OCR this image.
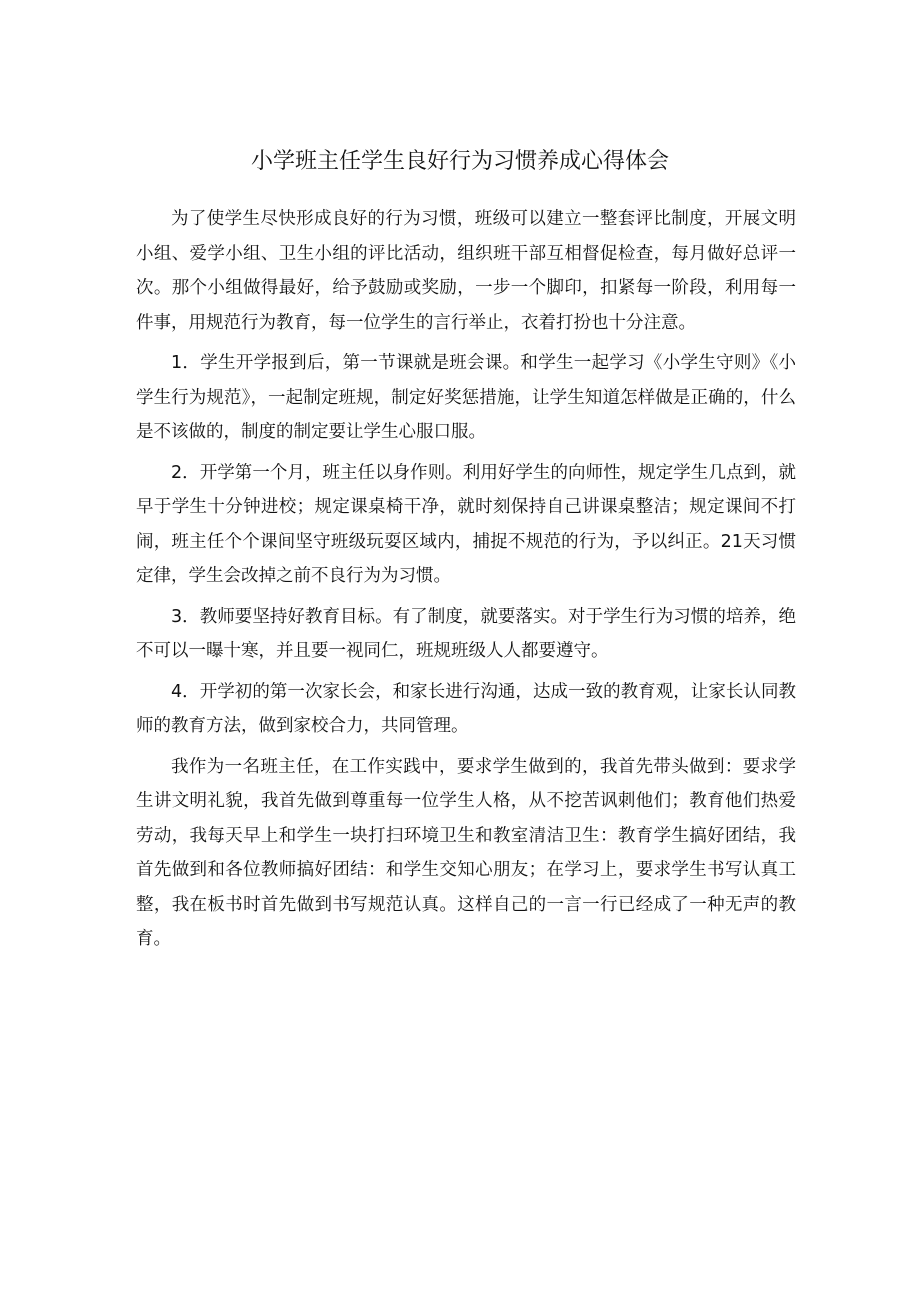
小学班主任学生良好行为习惯养成心得体会

为了使学生尽快形成良好的行为习惯，班级可以建立一整套评比制度，开展文明小组、爱学小组、卫生小组的评比活动，组织班干部互相督促检查，每月做好总评一次。那个小组做得最好，给予鼓励或奖励，一步一个脚印，扣紧每一阶段，利用每一件事，用规范行为教育，每一位学生的言行举止，衣着打扮也十分注意。

1．学生开学报到后，第一节课就是班会课。和学生一起学习《小学生守则》《小学生行为规范》，一起制定班规，制定好奖惩措施，让学生知道怎样做是正确的，什么是不该做的，制度的制定要让学生心服口服。

2．开学第一个月，班主任以身作则。利用好学生的向师性，规定学生几点到，就早于学生十分钟进校；规定课桌椅干净，就时刻保持自己讲课桌整洁；规定课间不打闹，班主任个个课间坚守班级玩耍区域内，捕捉不规范的行为，予以纠正。21天习惯定律，学生会改掉之前不良行为为习惯。

3．教师要坚持好教育目标。有了制度，就要落实。对于学生行为习惯的培养，绝不可以一曝十寒，并且要一视同仁，班规班级人人都要遵守。

4．开学初的第一次家长会，和家长进行沟通，达成一致的教育观，让家长认同教师的教育方法，做到家校合力，共同管理。

我作为一名班主任，在工作实践中，要求学生做到的，我首先带头做到：要求学生讲文明礼貌，我首先做到尊重每一位学生人格，从不挖苦讽刺他们；教育他们热爱劳动，我每天早上和学生一块打扫环境卫生和教室清洁卫生：教育学生搞好团结，我首先做到和各位教师搞好团结：和学生交知心朋友；在学习上，要求学生书写认真工整，我在板书时首先做到书写规范认真。这样自己的一言一行已经成了一种无声的教育。
